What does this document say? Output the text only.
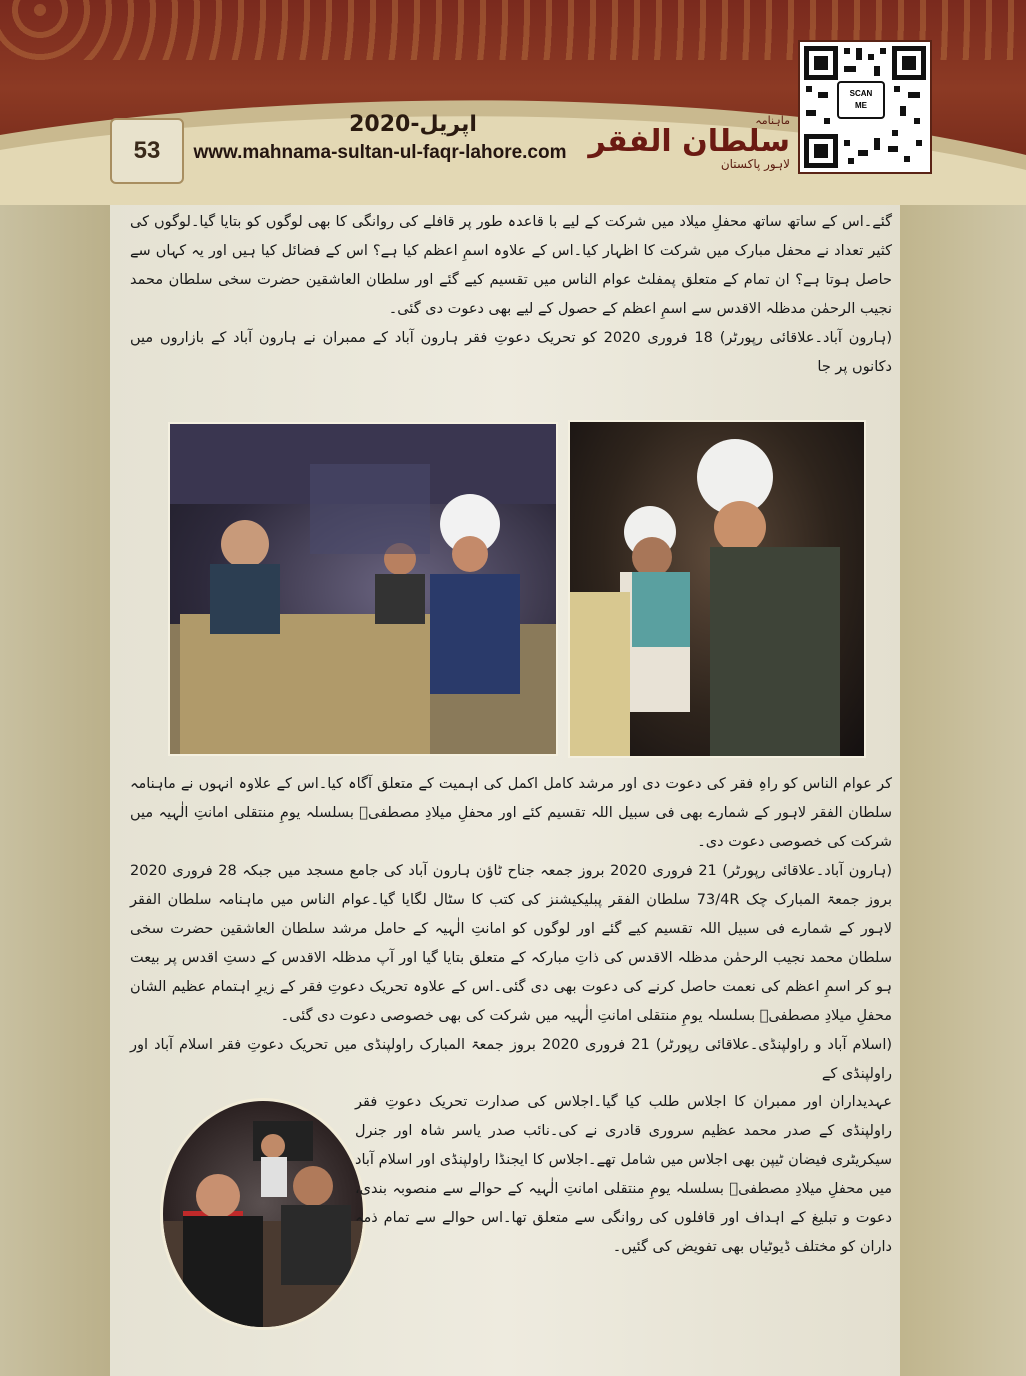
53
اپریل-2020
www.mahnama-sultan-ul-faqr-lahore.com
ماہنامہ
سلطان الفقر
لاہور پاکستان
SCAN
ME

گئے۔اس کے ساتھ ساتھ محفلِ میلاد میں شرکت کے لیے با قاعدہ طور پر قافلے کی روانگی کا بھی لوگوں کو بتایا گیا۔لوگوں کی کثیر تعداد نے محفل مبارک میں شرکت کا اظہار کیا۔اس کے علاوہ اسمِ اعظم کیا ہے؟ اس کے فضائل کیا ہیں اور یہ کہاں سے حاصل ہوتا ہے؟ ان تمام کے متعلق پمفلٹ عوام الناس میں تقسیم کیے گئے اور سلطان العاشقین حضرت سخی سلطان محمد نجیب الرحمٰن مدظلہ الاقدس سے اسمِ اعظم کے حصول کے لیے بھی دعوت دی گئی۔

(ہارون آباد۔علاقائی رپورٹر) 18 فروری 2020 کو تحریک دعوتِ فقر ہارون آباد کے ممبران نے ہارون آباد کے بازاروں میں دکانوں پر جا

کر عوام الناس کو راہِ فقر کی دعوت دی اور مرشد کامل اکمل کی اہمیت کے متعلق آگاہ کیا۔اس کے علاوہ انہوں نے ماہنامہ سلطان الفقر لاہور کے شمارے بھی فی سبیل اللہ تقسیم کئے اور محفلِ میلادِ مصطفیؐ بسلسلہ یومِ منتقلی امانتِ الٰہیہ میں شرکت کی خصوصی دعوت دی۔

(ہارون آباد۔علاقائی رپورٹر) 21 فروری 2020 بروز جمعہ جناح ٹاؤن ہارون آباد کی جامع مسجد میں جبکہ 28 فروری 2020 بروز جمعۃ المبارک چک 73/4R سلطان الفقر پبلیکیشنز کی کتب کا سٹال لگایا گیا۔عوام الناس میں ماہنامہ سلطان الفقر لاہور کے شمارے فی سبیل اللہ تقسیم کیے گئے اور لوگوں کو امانتِ الٰہیہ کے حامل مرشد سلطان العاشقین حضرت سخی سلطان محمد نجیب الرحمٰن مدظلہ الاقدس کی ذاتِ مبارکہ کے متعلق بتایا گیا اور آپ مدظلہ الاقدس کے دستِ اقدس پر بیعت ہو کر اسمِ اعظم کی نعمت حاصل کرنے کی دعوت بھی دی گئی۔اس کے علاوہ تحریک دعوتِ فقر کے زیرِ اہتمام عظیم الشان محفلِ میلادِ مصطفیؐ بسلسلہ یومِ منتقلی امانتِ الٰہیہ میں شرکت کی بھی خصوصی دعوت دی گئی۔

(اسلام آباد و راولپنڈی۔علاقائی رپورٹر) 21 فروری 2020 بروز جمعۃ المبارک راولپنڈی میں تحریک دعوتِ فقر اسلام آباد اور راولپنڈی کے

عہدیداران اور ممبران کا اجلاس طلب کیا گیا۔اجلاس کی صدارت تحریک دعوتِ فقر راولپنڈی کے صدر محمد عظیم سروری قادری نے کی۔نائب صدر یاسر شاہ اور جنرل سیکریٹری فیضان ٹیپن بھی اجلاس میں شامل تھے۔اجلاس کا ایجنڈا راولپنڈی اور اسلام آباد میں محفلِ میلادِ مصطفیؐ بسلسلہ یومِ منتقلی امانتِ الٰہیہ کے حوالے سے منصوبہ بندی، دعوت و تبلیغ کے اہداف اور قافلوں کی روانگی سے متعلق تھا۔اس حوالے سے تمام ذمہ داران کو مختلف ڈیوٹیاں بھی تفویض کی گئیں۔
